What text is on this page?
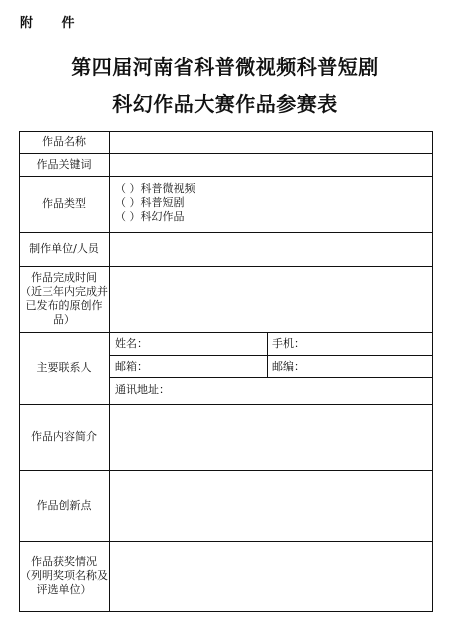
附 件
第四届河南省科普微视频科普短剧
科幻作品大赛作品参赛表
作品名称
作品关键词
作品类型
制作单位/人员
作品完成时间
（近三年内完成并
已发布的原创作品）
主要联系人
作品内容简介
作品创新点
作品获奖情况
（列明奖项名称及
评选单位）
（ ）科普微视频
（ ）科普短剧
（ ）科幻作品
姓名：	手机：
邮箱：	邮编：
通讯地址：
